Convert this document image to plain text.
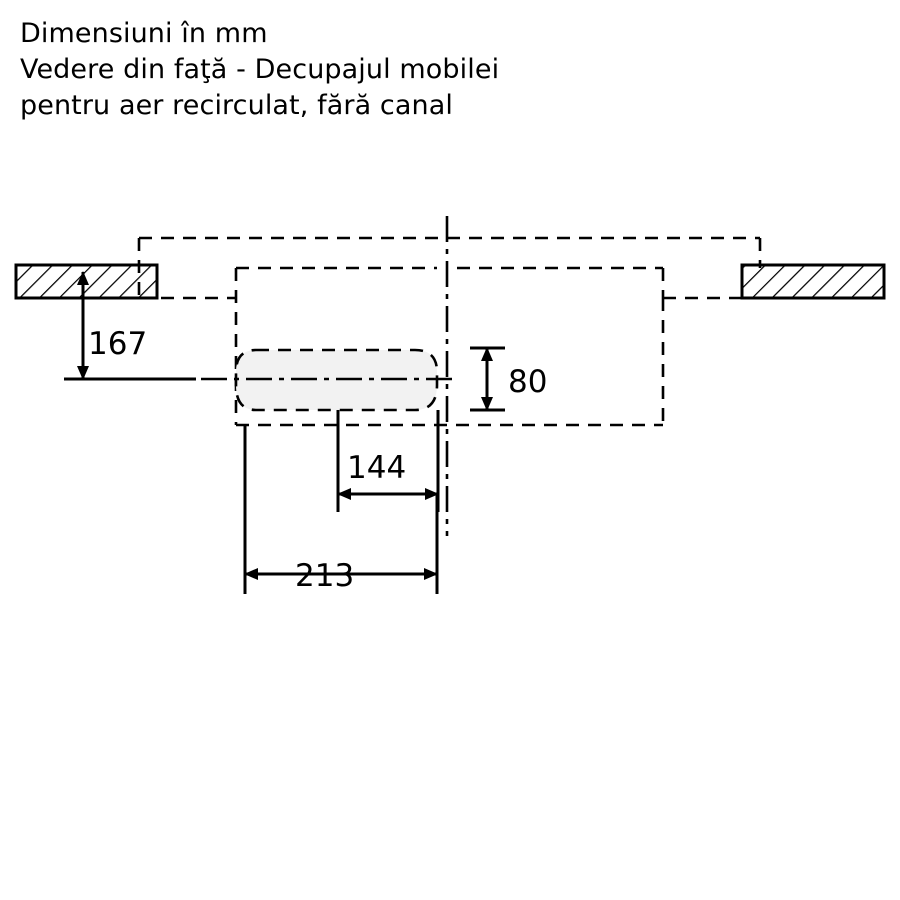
Dimensiuni în mm
Vedere din faţă - Decupajul mobilei
pentru aer recirculat, fără canal
167
80
144
213
